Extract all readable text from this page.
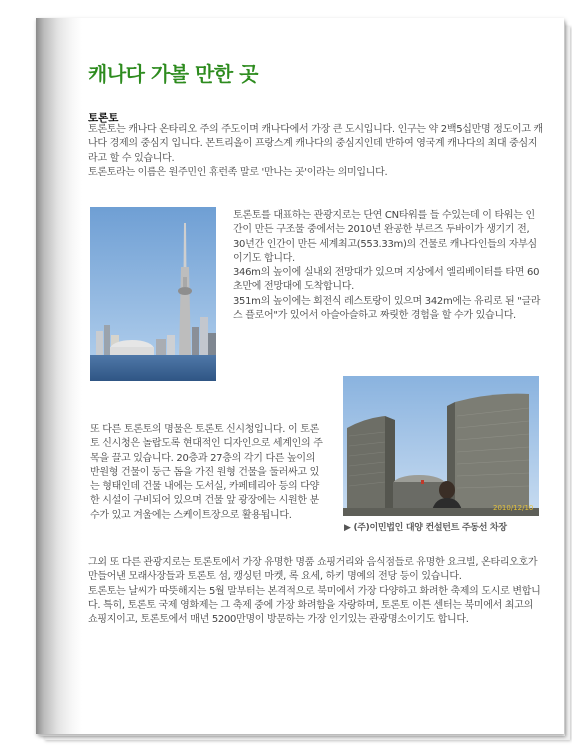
캐나다 가볼 만한 곳
토론토

토론토는 캐나다 온타리오 주의 주도이며 캐나다에서 가장 큰 도시입니다. 인구는 약 2백5십만명 정도이고 캐나다 경제의 중심지 입니다. 몬트리올이 프랑스계 캐나다의 중심지인데 반하여 영국계 캐나다의 최대 중심지라고 할 수 있습니다.

토론토라는 이름은 원주민인 휴런족 말로 '만나는 곳'이라는 의미입니다.

토론토를 대표하는 관광지로는 단연 CN타워를 들 수있는데 이 타워는 인간이 만든 구조물 중에서는 2010년 완공한 부르즈 두바이가 생기기 전, 30년간 인간이 만든 세계최고(553.33m)의 건물로 캐나다인들의 자부심이기도 합니다.

346m의 높이에 실내외 전망대가 있으며 지상에서 엘리베이터를 타면 60초만에 전망대에 도착합니다.

351m의 높이에는 회전식 레스토랑이 있으며 342m에는 유리로 된 "글라스 플로어"가 있어서 아슬아슬하고 짜릿한 경험을 할 수가 있습니다.

2010/12/10
▶ (주)이민법인 대양 컨설턴트 주동선 차장

또 다른 토론토의 명물은 토론토 신시청입니다. 이 토론토 신시청은 놀랍도록 현대적인 디자인으로 세계인의 주목을 끌고 있습니다. 20층과 27층의 각기 다른 높이의 반원형 건물이 둥근 돔을 가진 원형 건물을 둘러싸고 있는 형태인데 건물 내에는 도서실, 카페테리아 등의 다양한 시설이 구비되어 있으며 건물 앞 광장에는 시원한 분수가 있고 겨울에는 스케이트장으로 활용됩니다.

그외 또 다른 관광지로는 토론토에서 가장 유명한 명품 쇼핑거리와 음식점들로 유명한 요크빌, 온타리오호가 만들어낸 모래사장들과 토론토 섬, 캥싱턴 마켓, 록 요세, 하키 명예의 전당 등이 있습니다.

토론토는 날씨가 따뜻해지는 5월 말부터는 본격적으로 북미에서 가장 다양하고 화려한 축제의 도시로 변합니다. 특히, 토론토 국제 영화제는 그 축제 중에 가장 화려함을 자랑하며, 토론토 이튼 센터는 북미에서 최고의 쇼핑지이고, 토론토에서 매년 5200만명이 방문하는 가장 인기있는 관광명소이기도 합니다.
